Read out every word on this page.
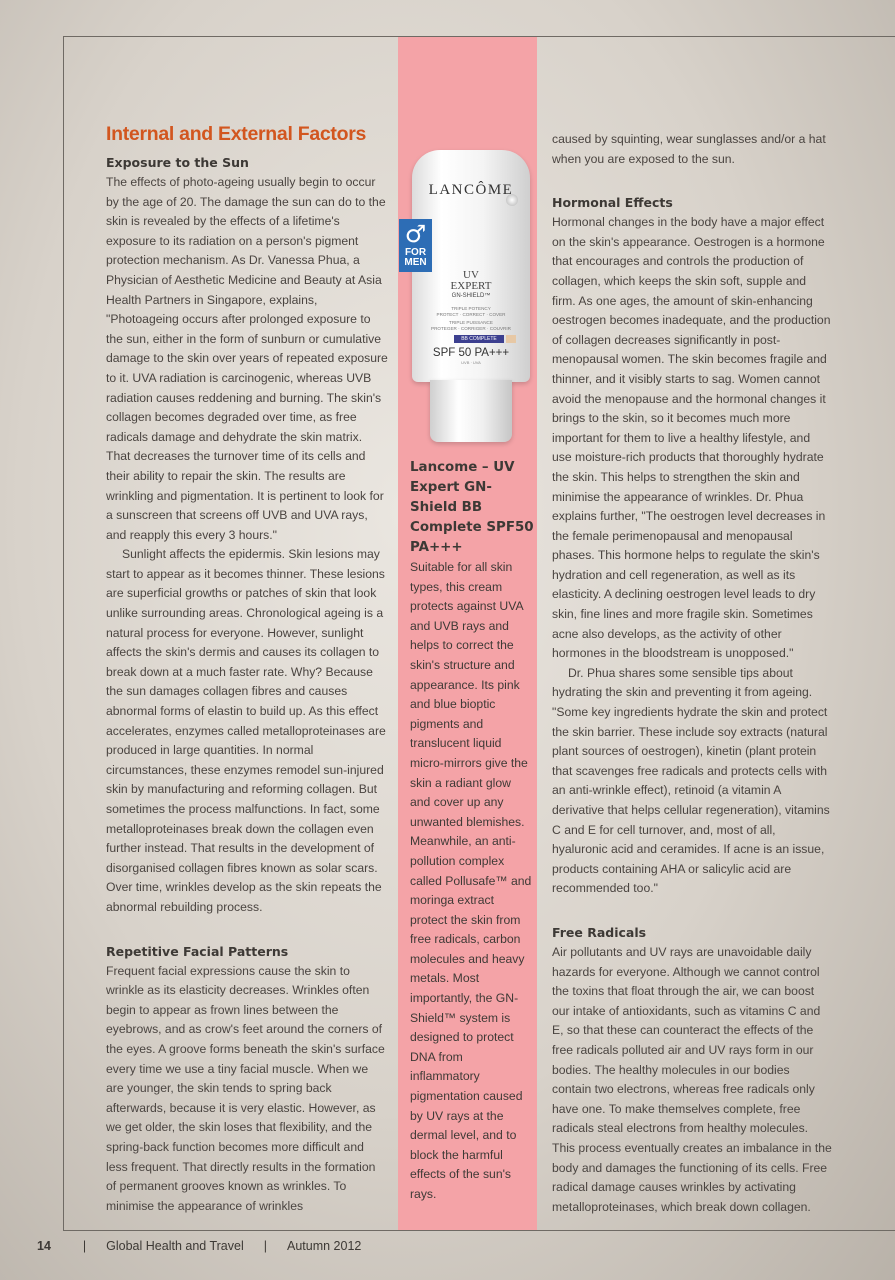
Internal and External Factors
Exposure to the Sun

The effects of photo-ageing usually begin to occur by the age of 20. The damage the sun can do to the skin is revealed by the effects of a lifetime's exposure to its radiation on a person's pigment protection mechanism. As Dr. Vanessa Phua, a Physician of Aesthetic Medicine and Beauty at Asia Health Partners in Singapore, explains, "Photoageing occurs after prolonged exposure to the sun, either in the form of sunburn or cumulative damage to the skin over years of repeated exposure to it. UVA radiation is carcinogenic, whereas UVB radiation causes reddening and burning. The skin's collagen becomes degraded over time, as free radicals damage and dehydrate the skin matrix. That decreases the turnover time of its cells and their ability to repair the skin. The results are wrinkling and pigmentation. It is pertinent to look for a sunscreen that screens off UVB and UVA rays, and reapply this every 3 hours."

Sunlight affects the epidermis. Skin lesions may start to appear as it becomes thinner. These lesions are superficial growths or patches of skin that look unlike surrounding areas. Chronological ageing is a natural process for everyone. However, sunlight affects the skin's dermis and causes its collagen to break down at a much faster rate. Why? Because the sun damages collagen fibres and causes abnormal forms of elastin to build up. As this effect accelerates, enzymes called metalloproteinases are produced in large quantities. In normal circumstances, these enzymes remodel sun-injured skin by manufacturing and reforming collagen. But sometimes the process malfunctions. In fact, some metalloproteinases break down the collagen even further instead. That results in the development of disorganised collagen fibres known as solar scars. Over time, wrinkles develop as the skin repeats the abnormal rebuilding process.

Repetitive Facial Patterns

Frequent facial expressions cause the skin to wrinkle as its elasticity decreases. Wrinkles often begin to appear as frown lines between the eyebrows, and as crow's feet around the corners of the eyes. A groove forms beneath the skin's surface every time we use a tiny facial muscle. When we are younger, the skin tends to spring back afterwards, because it is very elastic. However, as we get older, the skin loses that flexibility, and the spring-back function becomes more difficult and less frequent. That directly results in the formation of permanent grooves known as wrinkles. To minimise the appearance of wrinkles

LANCÔME
UV
EXPERT
GN-SHIELD™
TRIPLE POTENCY
PROTECT · CORRECT · COVER
TRIPLE PUISSANCE
PROTEGER · CORRIGER · COUVRIR
BB COMPLETE
SPF 50 PA+++
UVB · UVA
♂
FOR MEN
Lancome – UV Expert GN-Shield BB Complete SPF50 PA+++
Suitable for all skin types, this cream protects against UVA and UVB rays and helps to correct the skin's structure and appearance. Its pink and blue bioptic pigments and translucent liquid micro-mirrors give the skin a radiant glow and cover up any unwanted blemishes. Meanwhile, an anti-pollution complex called Pollusafe™ and moringa extract protect the skin from free radicals, carbon molecules and heavy metals. Most importantly, the GN-Shield™ system is designed to protect DNA from inflammatory pigmentation caused by UV rays at the dermal level, and to block the harmful effects of the sun's rays.

caused by squinting, wear sunglasses and/or a hat when you are exposed to the sun.

Hormonal Effects

Hormonal changes in the body have a major effect on the skin's appearance. Oestrogen is a hormone that encourages and controls the production of collagen, which keeps the skin soft, supple and firm. As one ages, the amount of skin-enhancing oestrogen becomes inadequate, and the production of collagen decreases significantly in post-menopausal women. The skin becomes fragile and thinner, and it visibly starts to sag. Women cannot avoid the menopause and the hormonal changes it brings to the skin, so it becomes much more important for them to live a healthy lifestyle, and use moisture-rich products that thoroughly hydrate the skin. This helps to strengthen the skin and minimise the appearance of wrinkles. Dr. Phua explains further, "The oestrogen level decreases in the female perimenopausal and menopausal phases. This hormone helps to regulate the skin's hydration and cell regeneration, as well as its elasticity. A declining oestrogen level leads to dry skin, fine lines and more fragile skin. Sometimes acne also develops, as the activity of other hormones in the bloodstream is unopposed."

Dr. Phua shares some sensible tips about hydrating the skin and preventing it from ageing. "Some key ingredients hydrate the skin and protect the skin barrier. These include soy extracts (natural plant sources of oestrogen), kinetin (plant protein that scavenges free radicals and protects cells with an anti-wrinkle effect), retinoid (a vitamin A derivative that helps cellular regeneration), vitamins C and E for cell turnover, and, most of all, hyaluronic acid and ceramides. If acne is an issue, products containing AHA or salicylic acid are recommended too."

Free Radicals

Air pollutants and UV rays are unavoidable daily hazards for everyone. Although we cannot control the toxins that float through the air, we can boost our intake of antioxidants, such as vitamins C and E, so that these can counteract the effects of the free radicals polluted air and UV rays form in our bodies. The healthy molecules in our bodies contain two electrons, whereas free radicals only have one. To make themselves complete, free radicals steal electrons from healthy molecules. This process eventually creates an imbalance in the body and damages the functioning of its cells. Free radical damage causes wrinkles by activating metalloproteinases, which break down collagen.

14	| Global Health and Travel | Autumn 2012
